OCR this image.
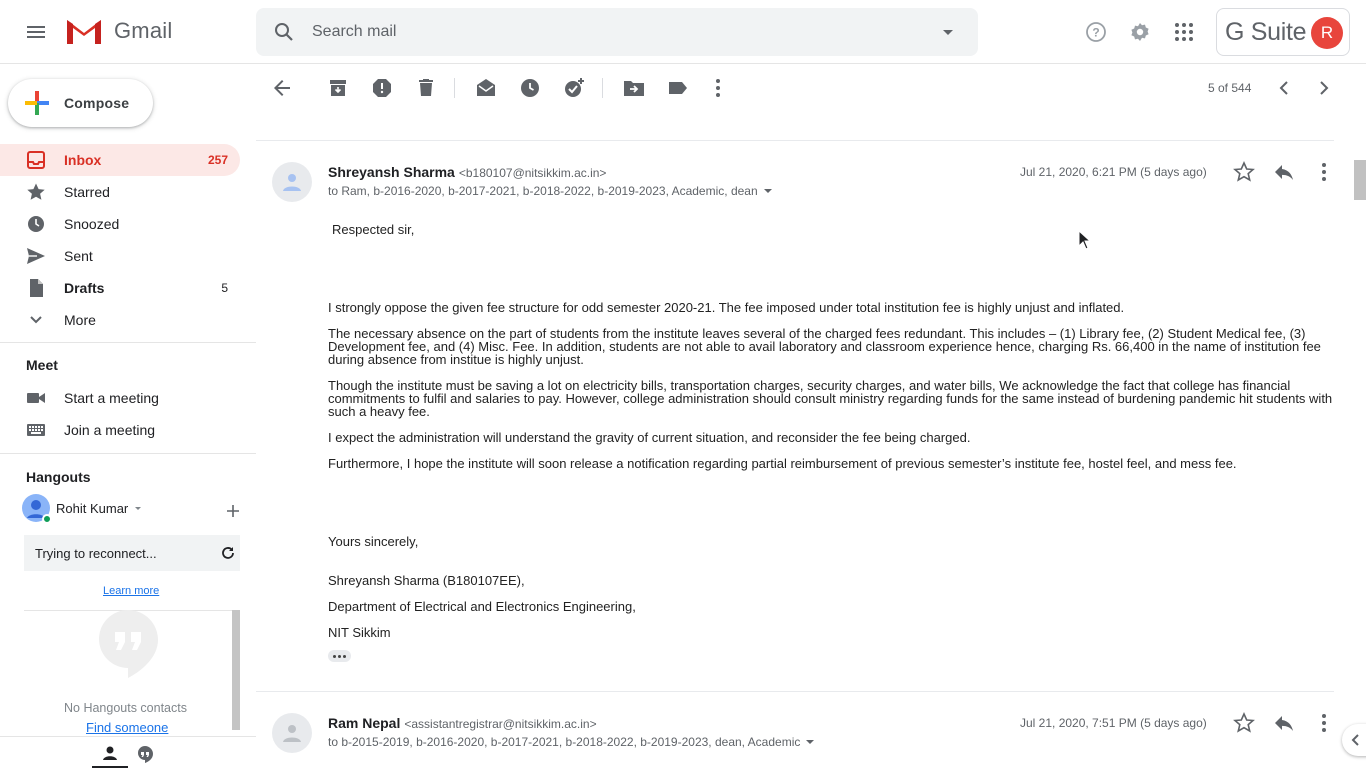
Gmail
Search mail	?	G Suite R
Compose
Inbox	257
Starred
Snoozed
Sent
Drafts	5
More
Meet
Start a meeting
Join a meeting
Hangouts
Rohit Kumar
Trying to reconnect...
Learn more
No Hangouts contacts
Find someone
5 of 544
Shreyansh Sharma <b180107@nitsikkim.ac.in>
to Ram, b-2016-2020, b-2017-2021, b-2018-2022, b-2019-2023, Academic, dean
Jul 21, 2020, 6:21 PM (5 days ago)

Respected sir,

I strongly oppose the given fee structure for odd semester 2020-21. The fee imposed under total institution fee is highly unjust and inflated.

The necessary absence on the part of students from the institute leaves several of the charged fees redundant. This includes – (1) Library fee, (2) Student Medical fee, (3) Development fee, and (4) Misc. Fee. In addition, students are not able to avail laboratory and classroom experience hence, charging Rs. 66,400 in the name of institution fee during absence from institue is highly unjust.

Though the institute must be saving a lot on electricity bills, transportation charges, security charges, and water bills, We acknowledge the fact that college has financial commitments to fulfil and salaries to pay. However, college administration should consult ministry regarding funds for the same instead of burdening pandemic hit students with such a heavy fee.

I expect the administration will understand the gravity of current situation, and reconsider the fee being charged.

Furthermore, I hope the institute will soon release a notification regarding partial reimbursement of previous semester’s institute fee, hostel feel, and mess fee.

Yours sincerely,

Shreyansh Sharma (B180107EE),

Department of Electrical and Electronics Engineering,

NIT Sikkim

Ram Nepal <assistantregistrar@nitsikkim.ac.in>
to b-2015-2019, b-2016-2020, b-2017-2021, b-2018-2022, b-2019-2023, dean, Academic
Jul 21, 2020, 7:51 PM (5 days ago)
